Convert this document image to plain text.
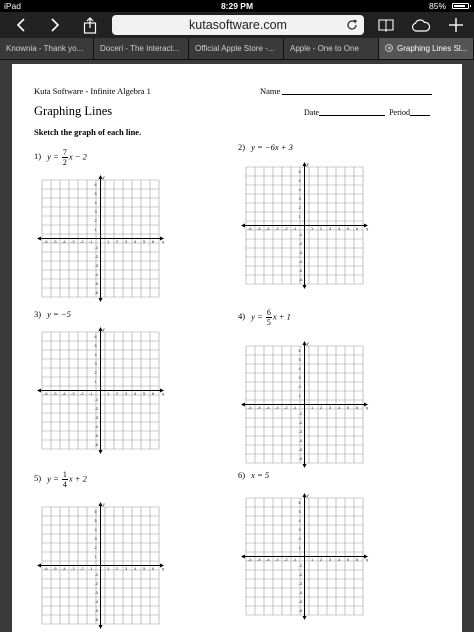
iPad	8:29 PM	85%
kutasoftware.com
Knownia - Thank yo...	Doceri - The Interact...	Official Apple Store -...	Apple - One to One	Graphing Lines Sl...
Kuta Software - Infinite Algebra 1	Name
Graphing Lines	Date	Period
Sketch the graph of each line.
1) $y = \frac{7}{2}$ x − 2
2) y = −6x + 3
3) y = −5	4) $y = \frac{6}{5}$ x + 1
5) $y = \frac{1}{4}$ x + 2	6) x = 5
x
y
-6
-6
-5
-5
-4
-4
-3
-3
-2
-2
-1
-1
1
1
2
2
3
3
4
4
5
5
6
6
x
y
-6
-6
-5
-5
-4
-4
-3
-3
-2
-2
-1
-1
1
1
2
2
3
3
4
4
5
5
6
6
x
y
-6
-6
-5
-5
-4
-4
-3
-3
-2
-2
-1
-1
1
1
2
2
3
3
4
4
5
5
6
6
x
y
-6
-6
-5
-5
-4
-4
-3
-3
-2
-2
-1
-1
1
1
2
2
3
3
4
4
5
5
6
6
x
y
-6
-6
-5
-5
-4
-4
-3
-3
-2
-2
-1
-1
1
1
2
2
3
3
4
4
5
5
6
6
x
y
-6
-6
-5
-5
-4
-4
-3
-3
-2
-2
-1
-1
1
1
2
2
3
3
4
4
5
5
6
6
